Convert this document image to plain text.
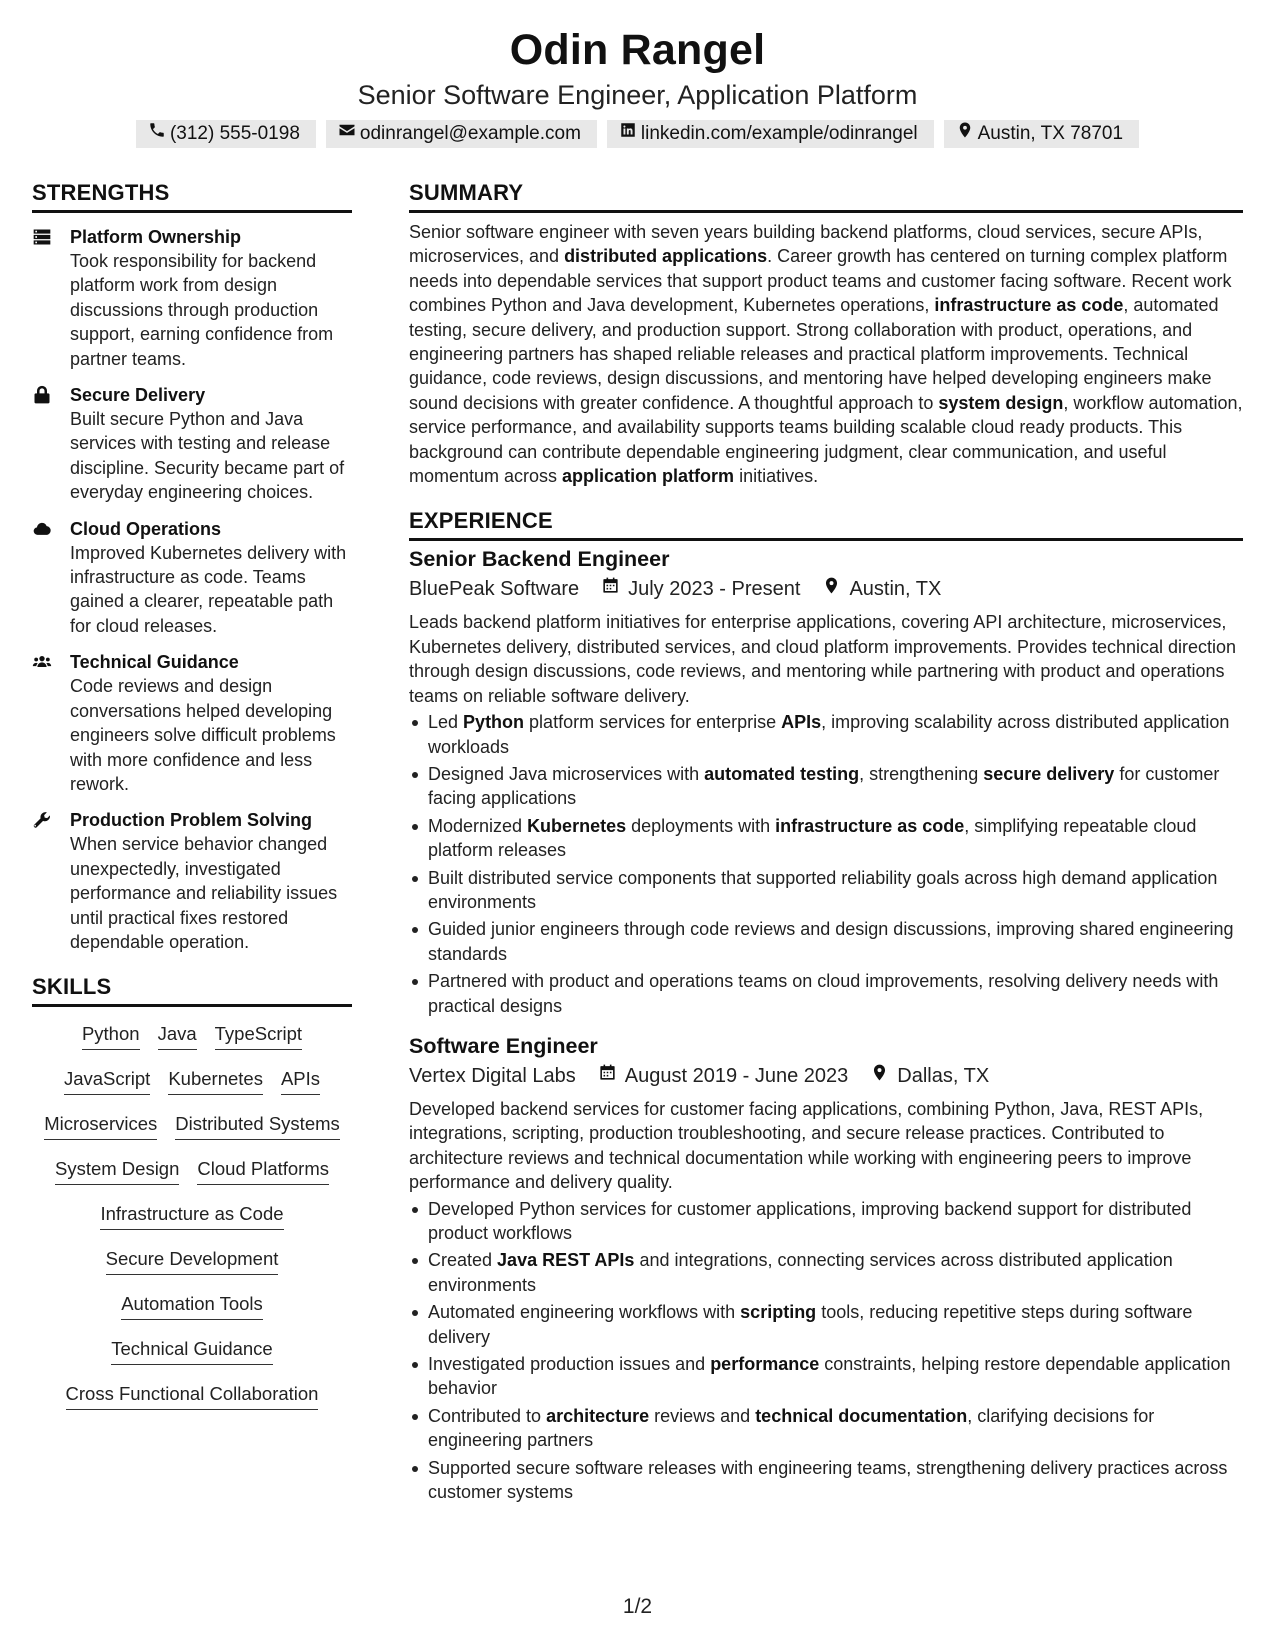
Odin Rangel
Senior Software Engineer, Application Platform
(312) 555-0198	odinrangel@example.com	linkedin.com/example/odinrangel	Austin, TX 78701
STRENGTHS
Platform Ownership
Took responsibility for backend platform work from design discussions through production support, earning confidence from partner teams.
Secure Delivery
Built secure Python and Java services with testing and release discipline. Security became part of everyday engineering choices.
Cloud Operations
Improved Kubernetes delivery with infrastructure as code. Teams gained a clearer, repeatable path for cloud releases.
Technical Guidance
Code reviews and design conversations helped developing engineers solve difficult problems with more confidence and less rework.
Production Problem Solving
When service behavior changed unexpectedly, investigated performance and reliability issues until practical fixes restored dependable operation.
SKILLS
Python Java TypeScript
JavaScript Kubernetes APIs
Microservices Distributed Systems
System Design Cloud Platforms
Infrastructure as Code
Secure Development
Automation Tools
Technical Guidance
Cross Functional Collaboration
SUMMARY
Senior software engineer with seven years building backend platforms, cloud services, secure APIs, microservices, and distributed applications. Career growth has centered on turning complex platform needs into dependable services that support product teams and customer facing software. Recent work combines Python and Java development, Kubernetes operations, infrastructure as code, automated testing, secure delivery, and production support. Strong collaboration with product, operations, and engineering partners has shaped reliable releases and practical platform improvements. Technical guidance, code reviews, design discussions, and mentoring have helped developing engineers make sound decisions with greater confidence. A thoughtful approach to system design, workflow automation, service performance, and availability supports teams building scalable cloud ready products. This background can contribute dependable engineering judgment, clear communication, and useful momentum across application platform initiatives.
EXPERIENCE
Senior Backend Engineer
BluePeak Software July 2023 - Present Austin, TX
Leads backend platform initiatives for enterprise applications, covering API architecture, microservices, Kubernetes delivery, distributed services, and cloud platform improvements. Provides technical direction through design discussions, code reviews, and mentoring while partnering with product and operations teams on reliable software delivery.
Led Python platform services for enterprise APIs, improving scalability across distributed application workloads
Designed Java microservices with automated testing, strengthening secure delivery for customer facing applications
Modernized Kubernetes deployments with infrastructure as code, simplifying repeatable cloud platform releases
Built distributed service components that supported reliability goals across high demand application environments
Guided junior engineers through code reviews and design discussions, improving shared engineering standards
Partnered with product and operations teams on cloud improvements, resolving delivery needs with practical designs
Software Engineer
Vertex Digital Labs August 2019 - June 2023 Dallas, TX
Developed backend services for customer facing applications, combining Python, Java, REST APIs, integrations, scripting, production troubleshooting, and secure release practices. Contributed to architecture reviews and technical documentation while working with engineering peers to improve performance and delivery quality.
Developed Python services for customer applications, improving backend support for distributed product workflows
Created Java REST APIs and integrations, connecting services across distributed application environments
Automated engineering workflows with scripting tools, reducing repetitive steps during software delivery
Investigated production issues and performance constraints, helping restore dependable application behavior
Contributed to architecture reviews and technical documentation, clarifying decisions for engineering partners
Supported secure software releases with engineering teams, strengthening delivery practices across customer systems
1/2
